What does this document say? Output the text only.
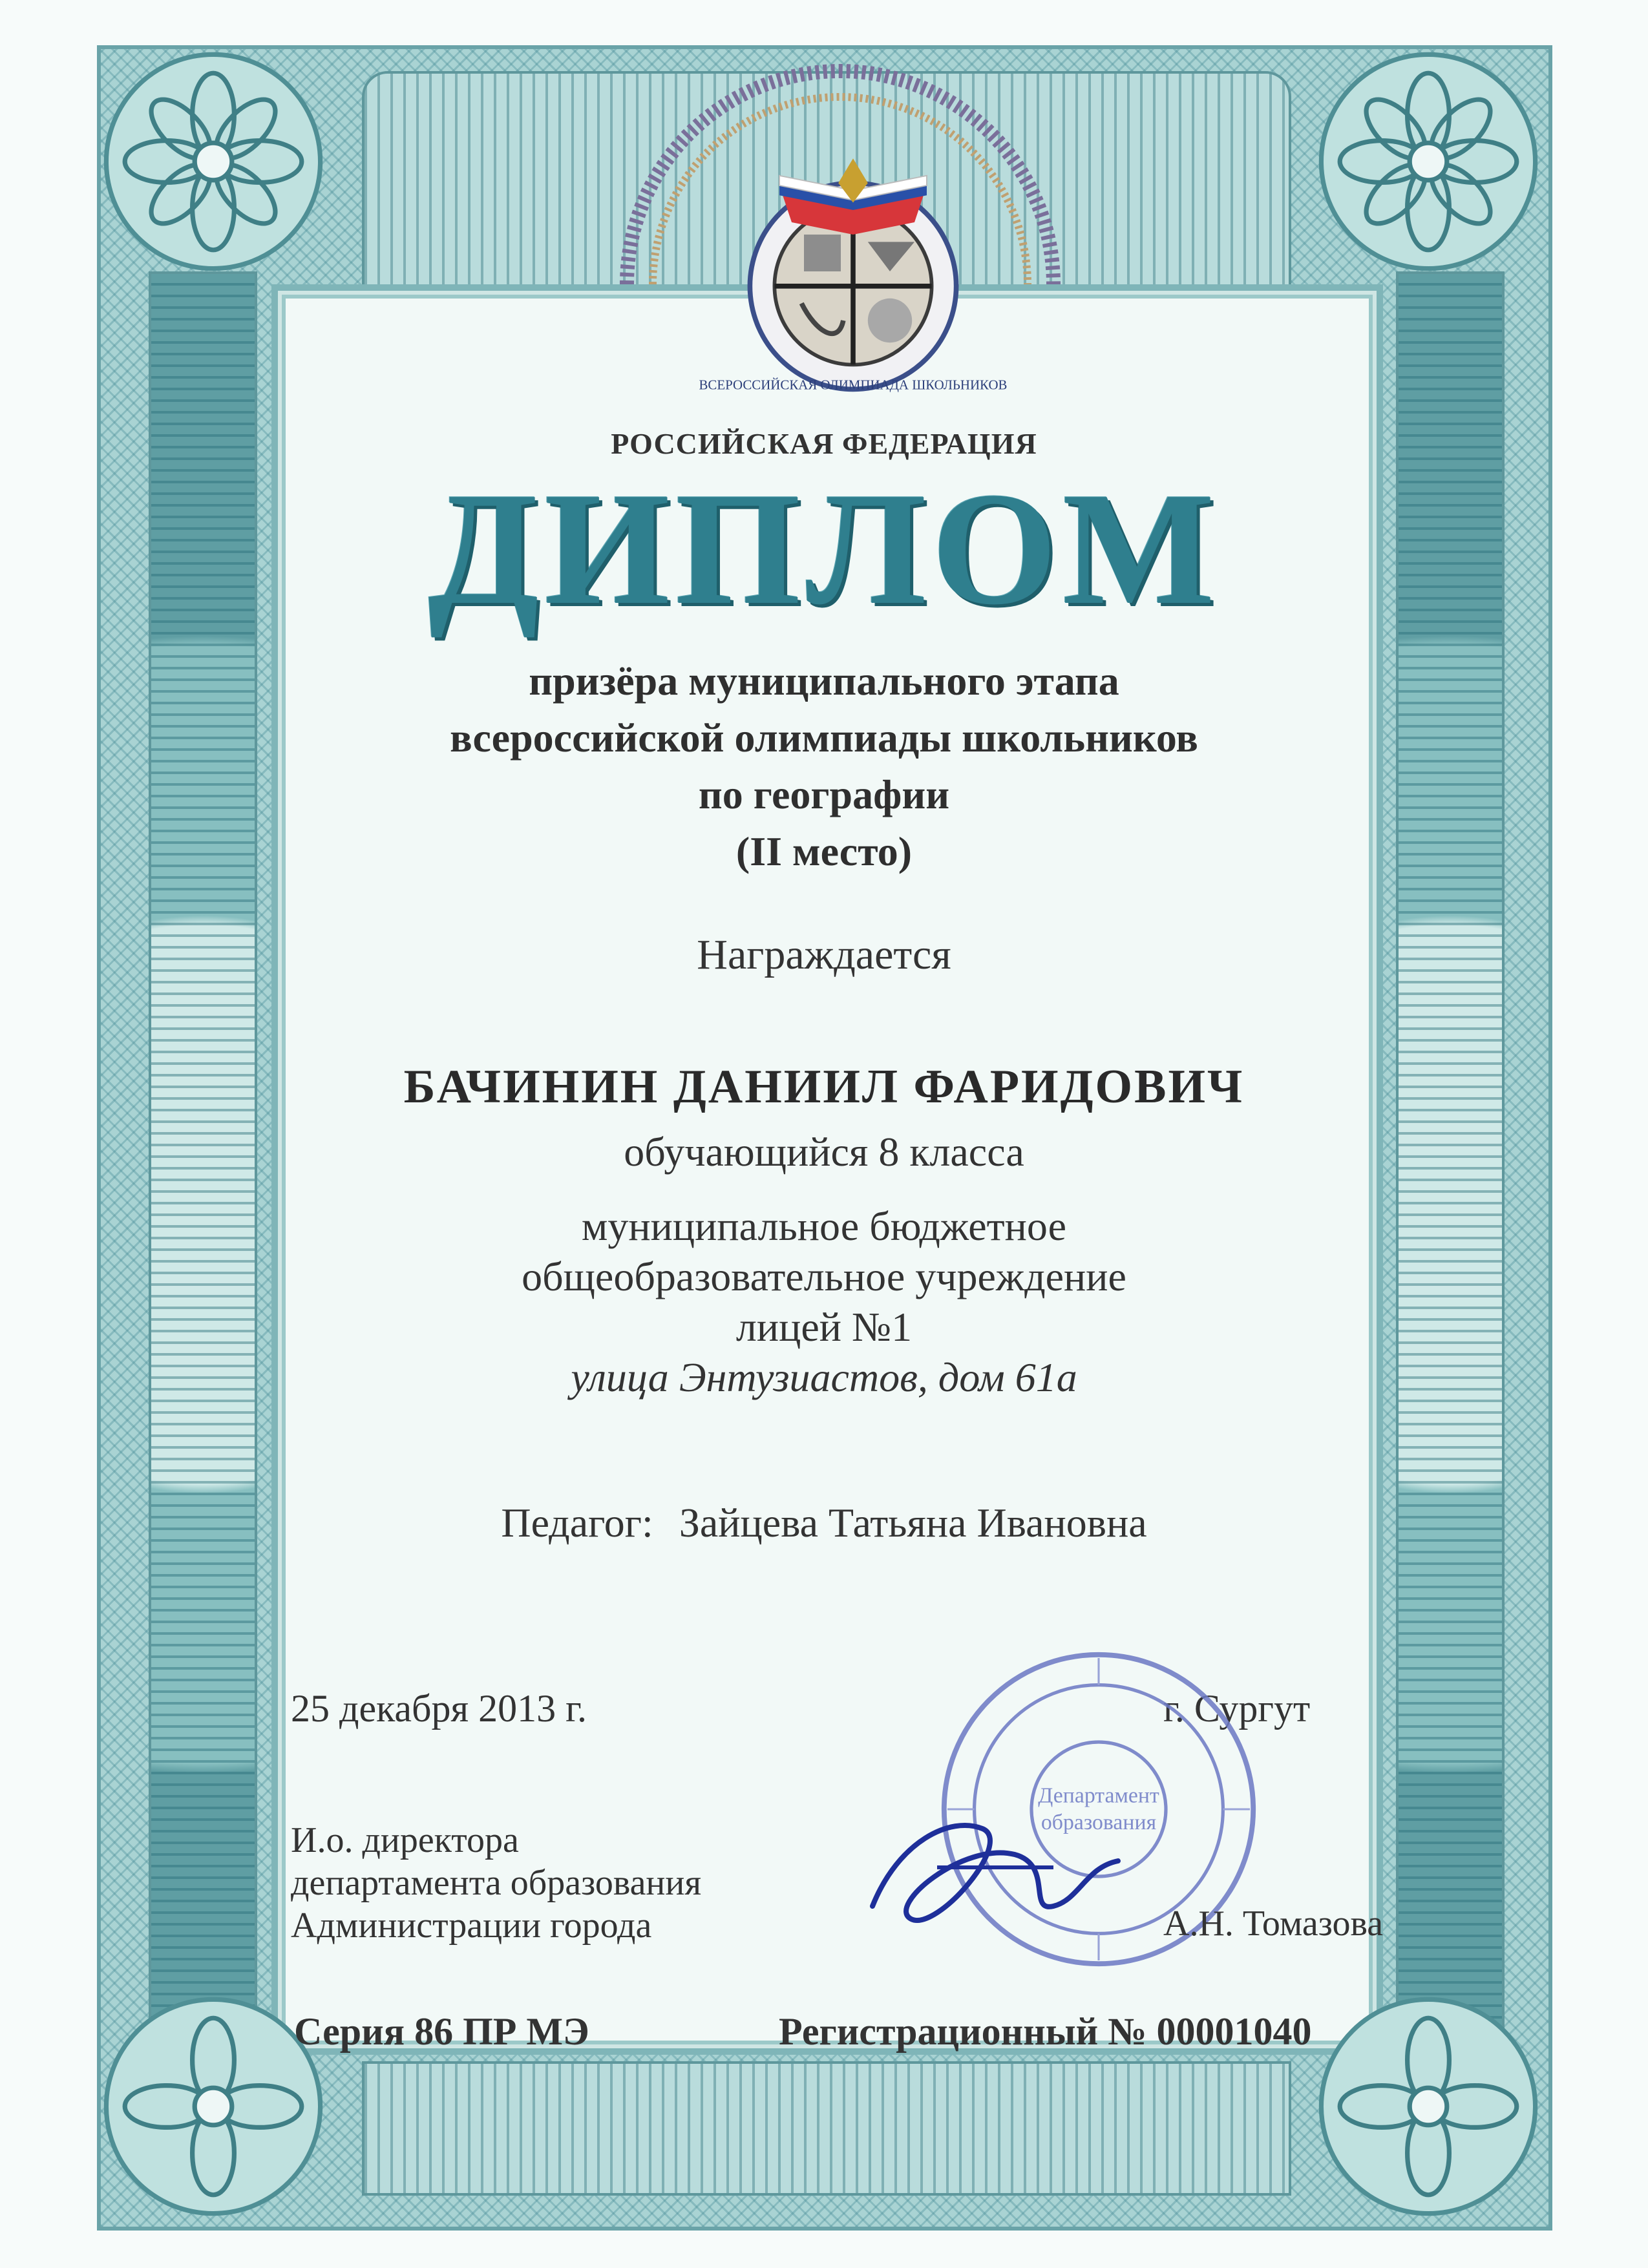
ВСЕРОССИЙСКАЯ ОЛИМПИАДА ШКОЛЬНИКОВ
РОССИЙСКАЯ ФЕДЕРАЦИЯ
ДИПЛОМ
призёра муниципального этапа
всероссийской олимпиады школьников
по географии
(II место)
Награждается
БАЧИНИН ДАНИИЛ ФАРИДОВИЧ
обучающийся 8 класса
муниципальное бюджетное
общеобразовательное учреждение
лицей №1
улица Энтузиастов, дом 61а
Педагог: Зайцева Татьяна Ивановна
25 декабря 2013 г.	г. Сургут
И.о. директора
департамента образования
Администрации города
Департамент
образования
А.Н. Томазова
Серия 86 ПР МЭ	Регистрационный № 00001040
